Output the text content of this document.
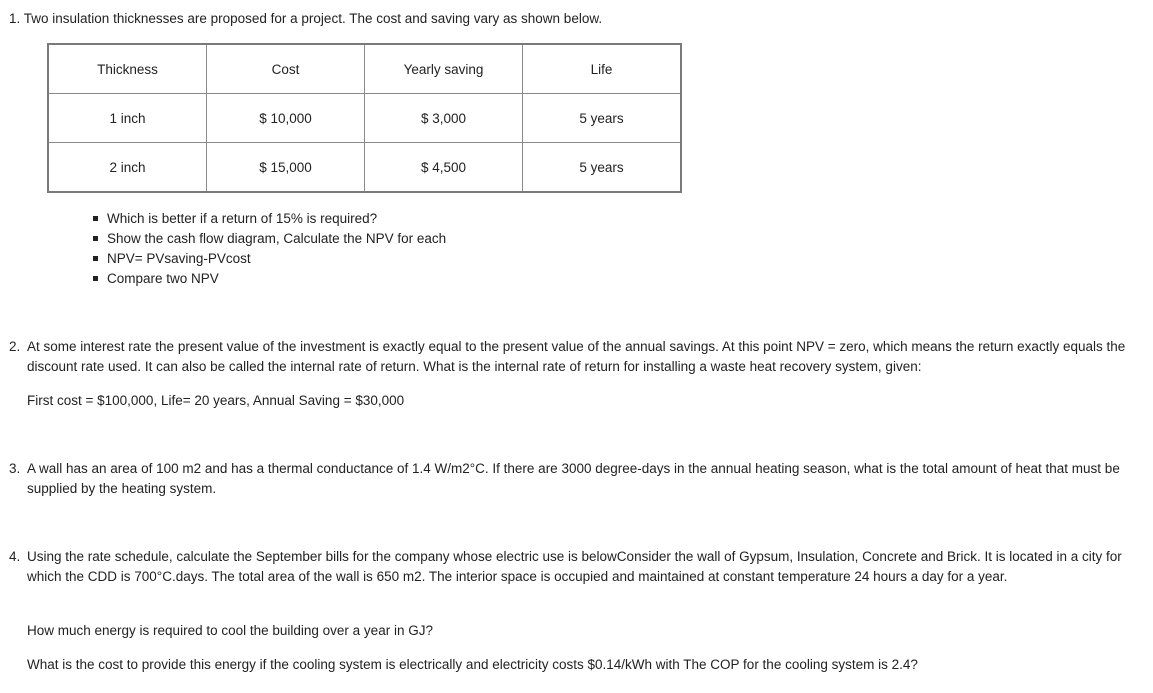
1. Two insulation thicknesses are proposed for a project. The cost and saving vary as shown below.
Thickness	Cost	Yearly saving	Life
1 inch	$ 10,000	$ 3,000	5 years
2 inch	$ 15,000	$ 4,500	5 years
Which is better if a return of 15% is required?
Show the cash flow diagram, Calculate the NPV for each
NPV= PVsaving-PVcost
Compare two NPV
2. At some interest rate the present value of the investment is exactly equal to the present value of the annual savings. At this point NPV = zero, which means the return exactly equals the discount rate used. It can also be called the internal rate of return. What is the internal rate of return for installing a waste heat recovery system, given:
First cost = $100,000, Life= 20 years, Annual Saving = $30,000
3. A wall has an area of 100 m2 and has a thermal conductance of 1.4 W/m2°C. If there are 3000 degree-days in the annual heating season, what is the total amount of heat that must be supplied by the heating system.
4. Using the rate schedule, calculate the September bills for the company whose electric use is belowConsider the wall of Gypsum, Insulation, Concrete and Brick. It is located in a city for which the CDD is 700°C.days. The total area of the wall is 650 m2. The interior space is occupied and maintained at constant temperature 24 hours a day for a year.
How much energy is required to cool the building over a year in GJ?
What is the cost to provide this energy if the cooling system is electrically and electricity costs $0.14/kWh with The COP for the cooling system is 2.4?
